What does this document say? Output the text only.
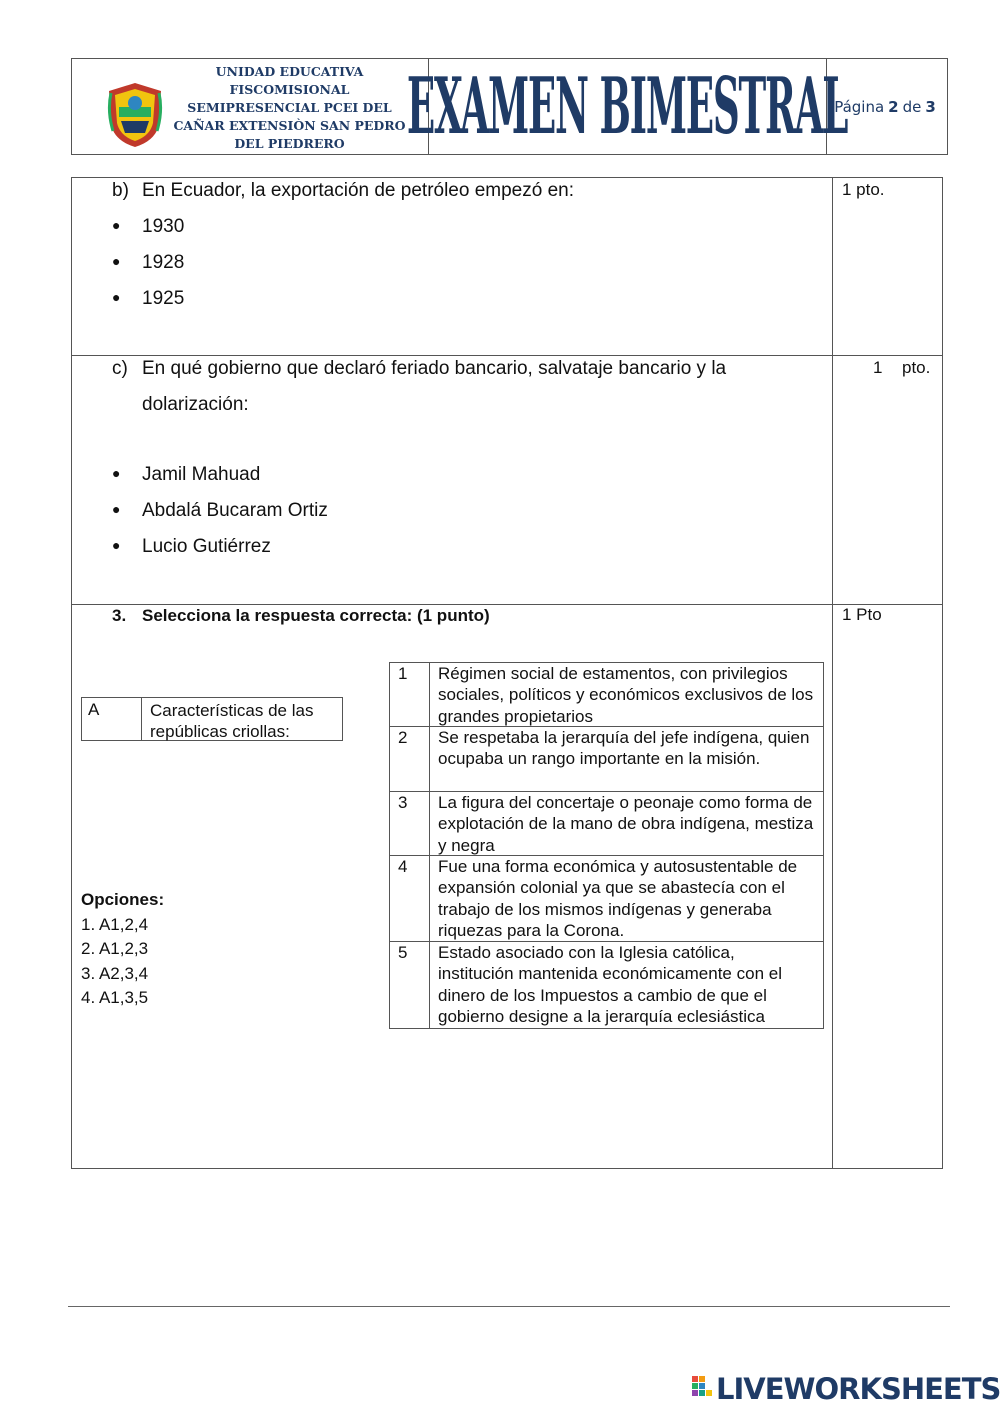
UNIDAD EDUCATIVA FISCOMISIONAL
SEMIPRESENCIAL PCEI DEL
CAÑAR EXTENSIÒN SAN PEDRO
DEL PIEDRERO	EXAMEN BIMESTRAL
Página 2 de 3
b) En Ecuador, la exportación de petróleo empezó en:
● 1930
● 1928
● 1925
1 pto.
c) En qué gobierno que declaró feriado bancario, salvataje bancario y la
dolarización:
● Jamil Mahuad
● Abdalá Bucaram Ortiz
● Lucio Gutiérrez
1 pto.
3. Selecciona la respuesta correcta: (1 punto)	1 Pto
A	Características de las repúblicas criollas:
1	Régimen social de estamentos, con privilegios sociales, políticos y económicos exclusivos de los grandes propietarios
2	Se respetaba la jerarquía del jefe indígena, quien ocupaba un rango importante en la misión.
3	La figura del concertaje o peonaje como forma de explotación de la mano de obra indígena, mestiza y negra
4	Fue una forma económica y autosustentable de expansión colonial ya que se abastecía con el trabajo de los mismos indígenas y generaba riquezas para la Corona.
5	Estado asociado con la Iglesia católica, institución mantenida económicamente con el dinero de los Impuestos a cambio de que el gobierno designe a la jerarquía eclesiástica
Opciones:
1. A1,2,4
2. A1,2,3
3. A2,3,4
4. A1,3,5
LIVEWORKSHEETS
